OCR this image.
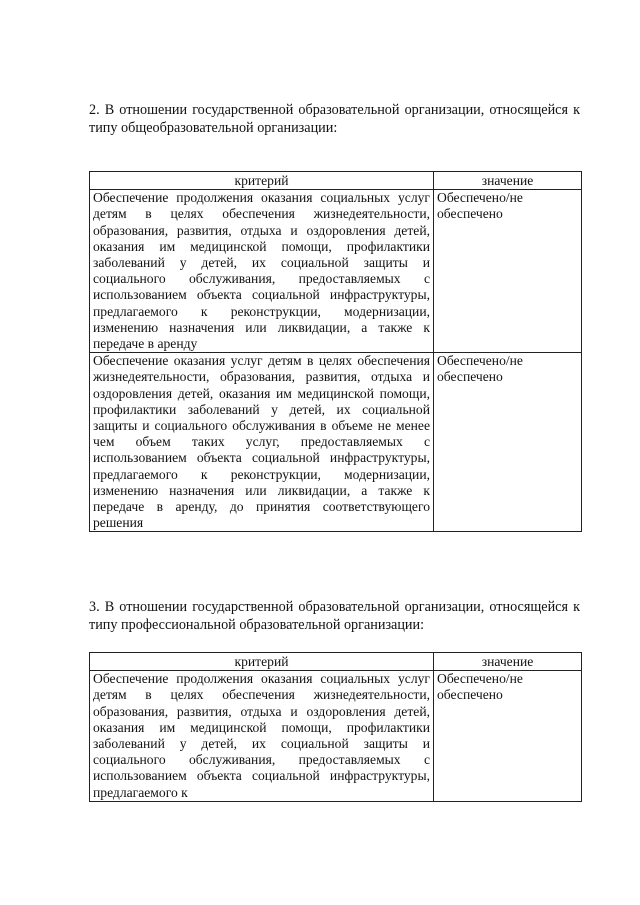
2. В отношении государственной образовательной организации, относящейся к типу общеобразовательной организации:
критерий	значение
Обеспечение продолжения оказания социальных услуг детям в целях обеспечения жизнедеятельности, образования, развития, отдыха и оздоровления детей, оказания им медицинской помощи, профилактики заболеваний у детей, их социальной защиты и социального обслуживания, предоставляемых с использованием объекта социальной инфраструктуры, предлагаемого к реконструкции, модернизации, изменению назначения или ликвидации, а также к передаче в аренду	Обеспечено/не обеспечено
Обеспечение оказания услуг детям в целях обеспечения жизнедеятельности, образования, развития, отдыха и оздоровления детей, оказания им медицинской помощи, профилактики заболеваний у детей, их социальной защиты и социального обслуживания в объеме не менее чем объем таких услуг, предоставляемых с использованием объекта социальной инфраструктуры, предлагаемого к реконструкции, модернизации, изменению назначения или ликвидации, а также к передаче в аренду, до принятия соответствующего решения	Обеспечено/не обеспечено
3. В отношении государственной образовательной организации, относящейся к типу профессиональной образовательной организации:
критерий	значение
Обеспечение продолжения оказания социальных услуг детям в целях обеспечения жизнедеятельности, образования, развития, отдыха и оздоровления детей, оказания им медицинской помощи, профилактики заболеваний у детей, их социальной защиты и социального обслуживания, предоставляемых с использованием объекта социальной инфраструктуры, предлагаемого к	Обеспечено/не обеспечено
